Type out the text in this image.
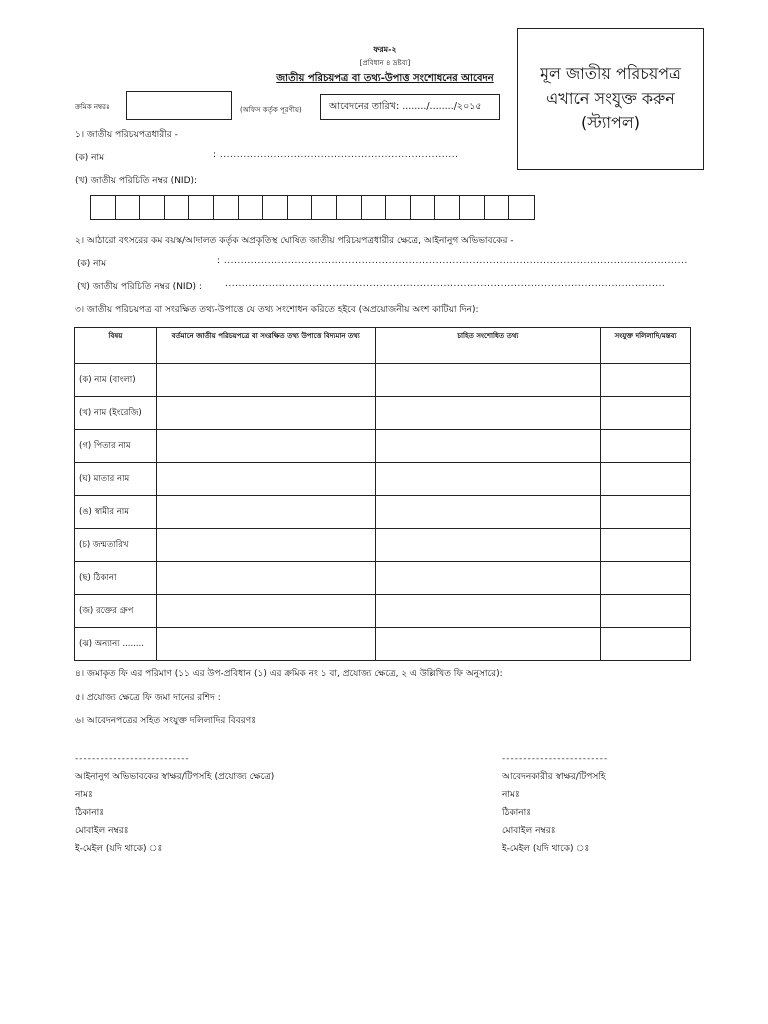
মূল জাতীয় পরিচয়পত্র
এখানে সংযুক্ত করুন
(স্ট্যাপল)
ফরম-২
[প্রবিধান ৪ দ্রষ্টব্য]
জাতীয় পরিচয়পত্র বা তথ্য-উপাত্ত সংশোধনের আবেদন
ক্রমিক নম্বরঃ	(অফিস কর্তৃক পূরণীয়)	আবেদনের তারিখ: ......../......../২০১৫
১। জাতীয় পরিচয়পত্রধারীর -
(ক) নাম	: .......................................................................
(খ) জাতীয় পরিচিতি নম্বর (NID):
২। আঠারো বৎসরের কম বয়স্ক/আদালত কর্তৃক অপ্রকৃতিস্থ ঘোষিত জাতীয় পরিচয়পত্রধারীর ক্ষেত্রে, আইনানুগ অভিভাবকের -
(ক) নাম	: ..........................................................................................................................................
(খ) জাতীয় পরিচিতি নম্বর (NID) :	...................................................................................................................................
৩। জাতীয় পরিচয়পত্র বা সংরক্ষিত তথ্য-উপাত্তে যে তথ্য সংশোধন করিতে হইবে (অপ্রয়োজনীয় অংশ কাটিয়া দিন):
বিষয়	বর্তমানে জাতীয় পরিচয়পত্রে বা সংরক্ষিত তথ্য উপাত্তে বিদ্যমান তথ্য	চাহিত সংশোধিত তথ্য	সংযুক্ত দলিলাদি/মন্তব্য
(ক) নাম (বাংলা)			
(খ) নাম (ইংরেজি)			
(গ) পিতার নাম			
(ঘ) মাতার নাম			
(ঙ) স্বামীর নাম			
(চ) জন্মতারিখ			
(ছ) ঠিকানা			
(জ) রক্তের গ্রুপ			
(ঝ) অন্যান্য ........			
৪। জমাকৃত ফি এর পরিমাণ (১১ এর উপ-প্রবিধান (১) এর ক্রমিক নং ১ বা, প্রযোজ্য ক্ষেত্রে, ২ এ উল্লিখিত ফি অনুসারে):
৫। প্রযোজ্য ক্ষেত্রে ফি জমা দানের রশিদ :
৬। আবেদনপত্রের সহিত সংযুক্ত দলিলাদির বিবরণঃ
---------------------------
আইনানুগ অভিভাবকের স্বাক্ষর/টিপসহি (প্রযোজ্য ক্ষেত্রে)
নামঃ
ঠিকানাঃ
মোবাইল নম্বরঃ
ই-মেইল (যদি থাকে) ঃ
-------------------------
আবেদনকারীর স্বাক্ষর/টিপসহি
নামঃ
ঠিকানাঃ
মোবাইল নম্বরঃ
ই-মেইল (যদি থাকে) ঃ
